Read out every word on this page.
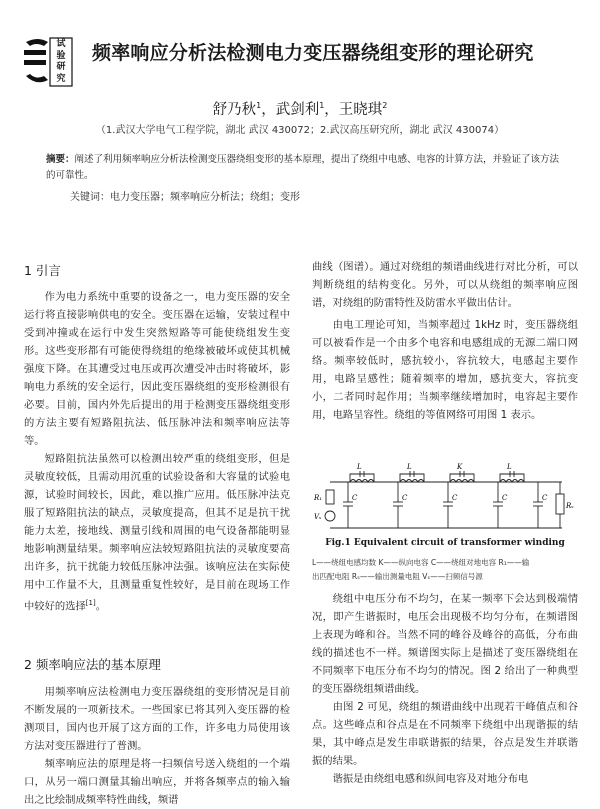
试
验
研
究
频率响应分析法检测电力变压器绕组变形的理论研究
舒乃秋$^1$，武剑利$^1$，王晓琪$^2$
（1.武汉大学电气工程学院，湖北 武汉 430072；2.武汉高压研究所，湖北 武汉 430074）
摘要：阐述了利用频率响应分析法检测变压器绕组变形的基本原理，提出了绕组中电感、电容的计算方法，并验证了该方法的可靠性。
关键词：电力变压器；频率响应分析法；绕组；变形
1 引言

作为电力系统中重要的设备之一，电力变压器的安全运行将直接影响供电的安全。变压器在运输，安装过程中受到冲撞或在运行中发生突然短路等可能使绕组发生变形。这些变形都有可能使得绕组的绝缘被破坏或使其机械强度下降。在其遭受过电压或再次遭受冲击时将破坏，影响电力系统的安全运行，因此变压器绕组的变形检测很有必要。目前，国内外先后提出的用于检测变压器绕组变形的方法主要有短路阻抗法、低压脉冲法和频率响应法等等。

短路阻抗法虽然可以检测出较严重的绕组变形，但是灵敏度较低，且需动用沉重的试验设备和大容量的试验电源，试验时间较长，因此，难以推广应用。低压脉冲法克服了短路阻抗法的缺点，灵敏度提高，但其不足是抗干扰能力太差，接地线、测量引线和周围的电气设备都能明显地影响测量结果。频率响应法较短路阻抗法的灵敏度要高出许多，抗干扰能力较低压脉冲法强。该响应法在实际使用中工作量不大，且测量重复性较好，是目前在现场工作中较好的选择[1]。

2 频率响应法的基本原理

用频率响应法检测电力变压器绕组的变形情况是目前不断发展的一项新技术。一些国家已将其列入变压器的检测项目，国内也开展了这方面的工作，许多电力局使用该方法对变压器进行了普测。

频率响应法的原理是将一扫频信号送入绕组的一个端口，从另一端口测量其输出响应，并将各频率点的输入输出之比绘制成频率特性曲线，频谱

曲线（图谱）。通过对绕组的频谱曲线进行对比分析，可以判断绕组的结构变化。另外，可以从绕组的频率响应图谱，对绕组的防雷特性及防雷水平做出估计。

由电工理论可知，当频率超过 1kHz 时，变压器绕组可以被看作是一个由多个电容和电感组成的无源二端口网络。频率较低时，感抗较小，容抗较大，电感起主要作用，电路呈感性；随着频率的增加，感抗变大，容抗变小，二者同时起作用；当频率继续增加时，电容起主要作用，电路呈容性。绕组的等值网络可用图 1 表示。

L	L	K	L
C	C	C	C	C
R₁
Vₛ
Rₛ
Fig.1 Equivalent circuit of transformer winding
L——绕组电感均数 K——纵向电容 C——绕组对地电容 R₁——输
出匹配电阻 Rₛ——输出测量电阻 Vₛ——扫频信号源

绕组中电压分布不均匀，在某一频率下会达到极端情况，即产生谐振时，电压会出现极不均匀分布，在频谱图上表现为峰和谷。当然不同的峰谷及峰谷的高低，分布曲线的描述也不一样。频谱图实际上是描述了变压器绕组在不同频率下电压分布不均匀的情况。图 2 给出了一种典型的变压器绕组频谱曲线。

由图 2 可见，绕组的频谱曲线中出现若干峰值点和谷点。这些峰点和谷点是在不同频率下绕组中出现谐振的结果，其中峰点是发生串联谐振的结果，谷点是发生并联谐振的结果。

谐振是由绕组电感和纵间电容及对地分布电
